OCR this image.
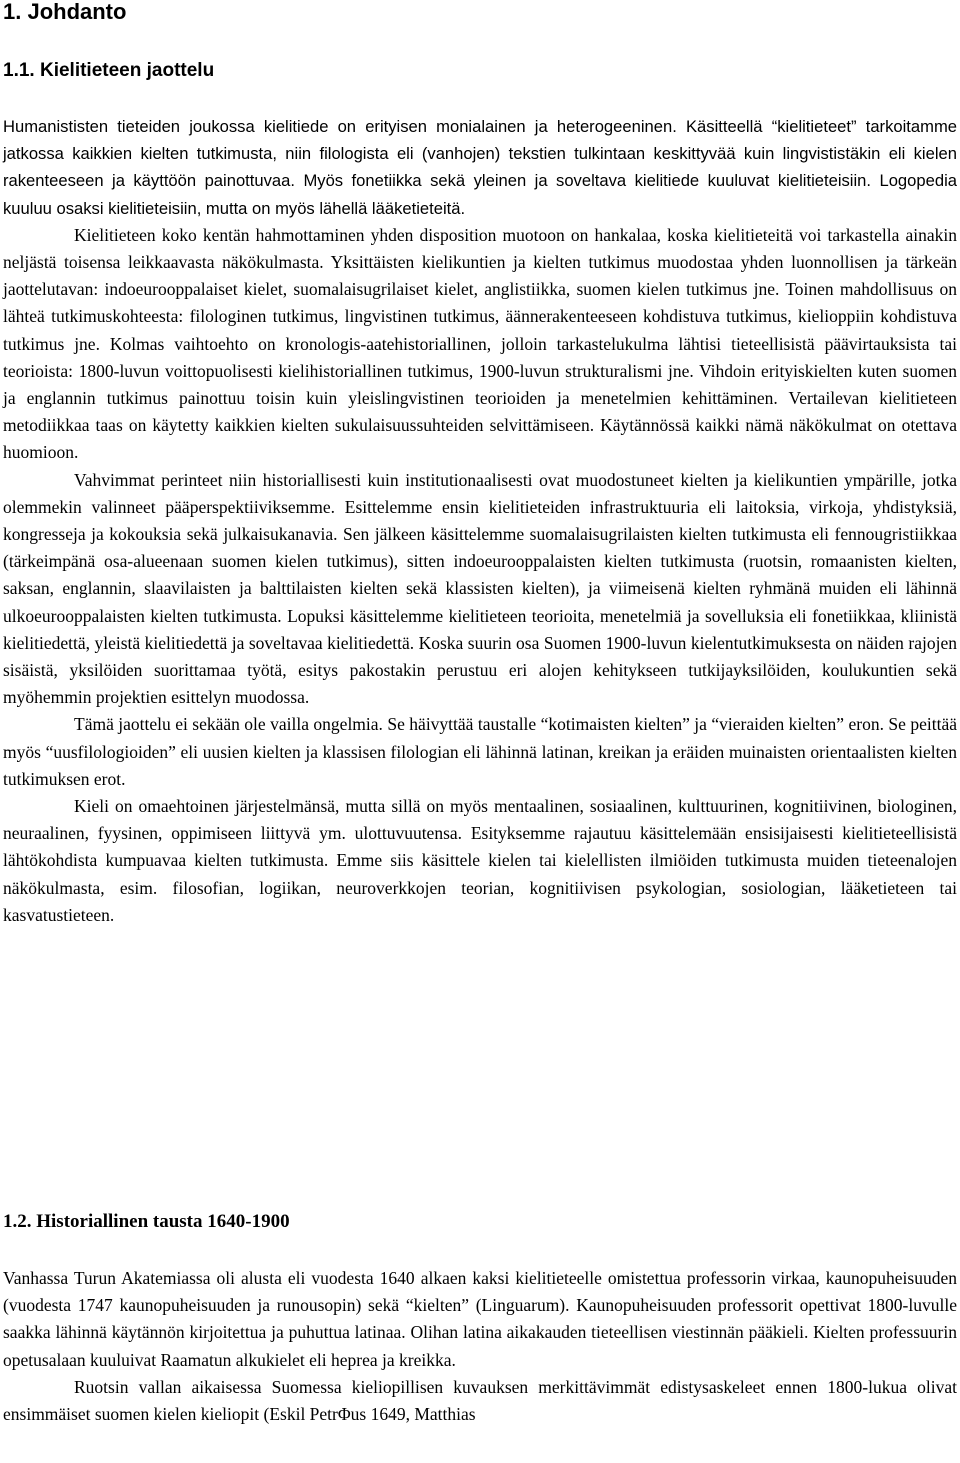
1. Johdanto
1.1. Kielitieteen jaottelu

Humanististen tieteiden joukossa kielitiede on erityisen monialainen ja heterogeeninen. Käsitteellä “kielitieteet” tarkoitamme jatkossa kaikkien kielten tutkimusta, niin filologista eli (vanhojen) tekstien tulkintaan keskittyvää kuin lingvististäkin eli kielen rakenteeseen ja käyttöön painottuvaa. Myös fonetiikka sekä yleinen ja soveltava kielitiede kuuluvat kielitieteisiin. Logopedia kuuluu osaksi kielitieteisiin, mutta on myös lähellä lääketieteitä.

Kielitieteen koko kentän hahmottaminen yhden disposition muotoon on hankalaa, koska kielitieteitä voi tarkastella ainakin neljästä toisensa leikkaavasta näkökulmasta. Yksittäisten kielikuntien ja kielten tutkimus muodostaa yhden luonnollisen ja tärkeän jaottelutavan: indoeurooppalaiset kielet, suomalaisugrilaiset kielet, anglistiikka, suomen kielen tutkimus jne. Toinen mahdollisuus on lähteä tutkimuskohteesta: filologinen tutkimus, lingvistinen tutkimus, äännerakenteeseen kohdistuva tutkimus, kielioppiin kohdistuva tutkimus jne. Kolmas vaihtoehto on kronologis-aatehistoriallinen, jolloin tarkastelukulma lähtisi tieteellisistä päävirtauksista tai teorioista: 1800-luvun voittopuolisesti kielihistoriallinen tutkimus, 1900-luvun strukturalismi jne. Vihdoin erityiskielten kuten suomen ja englannin tutkimus painottuu toisin kuin yleislingvistinen teorioiden ja menetelmien kehittäminen. Vertailevan kielitieteen metodiikkaa taas on käytetty kaikkien kielten sukulaisuussuhteiden selvittämiseen. Käytännössä kaikki nämä näkökulmat on otettava huomioon.

Vahvimmat perinteet niin historiallisesti kuin institutionaalisesti ovat muodostuneet kielten ja kielikuntien ympärille, jotka olemmekin valinneet pääperspektiiviksemme. Esittelemme ensin kielitieteiden infrastruktuuria eli laitoksia, virkoja, yhdistyksiä, kongresseja ja kokouksia sekä julkaisukanavia. Sen jälkeen käsittelemme suomalaisugrilaisten kielten tutkimusta eli fennougristiikkaa (tärkeimpänä osa-alueenaan suomen kielen tutkimus), sitten indoeurooppalaisten kielten tutkimusta (ruotsin, romaanisten kielten, saksan, englannin, slaavilaisten ja balttilaisten kielten sekä klassisten kielten), ja viimeisenä kielten ryhmänä muiden eli lähinnä ulkoeurooppalaisten kielten tutkimusta. Lopuksi käsittelemme kielitieteen teorioita, menetelmiä ja sovelluksia eli fonetiikkaa, kliinistä kielitiedettä, yleistä kielitiedettä ja soveltavaa kielitiedettä. Koska suurin osa Suomen 1900-luvun kielentutkimuksesta on näiden rajojen sisäistä, yksilöiden suorittamaa työtä, esitys pakostakin perustuu eri alojen kehitykseen tutkijayksilöiden, koulukuntien sekä myöhemmin projektien esittelyn muodossa.

Tämä jaottelu ei sekään ole vailla ongelmia. Se häivyttää taustalle “kotimaisten kielten” ja “vieraiden kielten” eron. Se peittää myös “uusfilologioiden” eli uusien kielten ja klassisen filologian eli lähinnä latinan, kreikan ja eräiden muinaisten orientaalisten kielten tutkimuksen erot.

Kieli on omaehtoinen järjestelmänsä, mutta sillä on myös mentaalinen, sosiaalinen, kulttuurinen, kognitiivinen, biologinen, neuraalinen, fyysinen, oppimiseen liittyvä ym. ulottuvuutensa. Esityksemme rajautuu käsittelemään ensisijaisesti kielitieteellisistä lähtökohdista kumpuavaa kielten tutkimusta. Emme siis käsittele kielen tai kielellisten ilmiöiden tutkimusta muiden tieteenalojen näkökulmasta, esim. filosofian, logiikan, neuroverkkojen teorian, kognitiivisen psykologian, sosiologian, lääketieteen tai kasvatustieteen.

1.2. Historiallinen tausta 1640-1900

Vanhassa Turun Akatemiassa oli alusta eli vuodesta 1640 alkaen kaksi kielitieteelle omistettua professorin virkaa, kaunopuheisuuden (vuodesta 1747 kaunopuheisuuden ja runousopin) sekä “kielten” (Linguarum). Kaunopuheisuuden professorit opettivat 1800-luvulle saakka lähinnä käytännön kirjoitettua ja puhuttua latinaa. Olihan latina aikakauden tieteellisen viestinnän pääkieli. Kielten professuurin opetusalaan kuuluivat Raamatun alkukielet eli heprea ja kreikka.

Ruotsin vallan aikaisessa Suomessa kieliopillisen kuvauksen merkittävimmät edistysaskeleet ennen 1800-lukua olivat ensimmäiset suomen kielen kieliopit (Eskil PetrΦus 1649, Matthias
